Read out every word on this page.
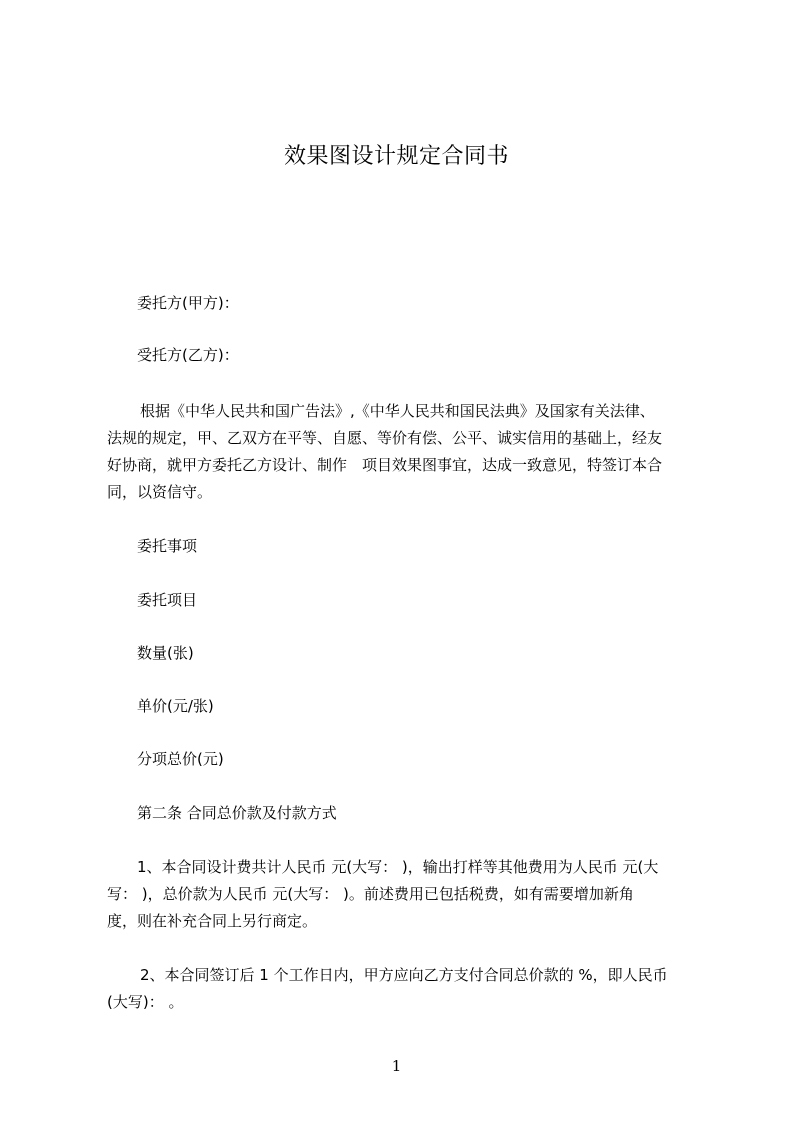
效果图设计规定合同书
委托方(甲方)：
受托方(乙方)：
根据《中华人民共和国广告法》,《中华人民共和国民法典》及国家有关法律、
法规的规定，甲、乙双方在平等、自愿、等价有偿、公平、诚实信用的基础上，经友
好协商，就甲方委托乙方设计、制作　项目效果图事宜，达成一致意见，特签订本合
同，以资信守。
委托事项
委托项目
数量(张)
单价(元/张)
分项总价(元)
第二条 合同总价款及付款方式
1、本合同设计费共计人民币 元(大写： )，输出打样等其他费用为人民币 元(大
写： )，总价款为人民币 元(大写： )。前述费用已包括税费，如有需要增加新角
度，则在补充合同上另行商定。
2、本合同签订后 1 个工作日内，甲方应向乙方支付合同总价款的 %，即人民币
(大写)： 。
1
